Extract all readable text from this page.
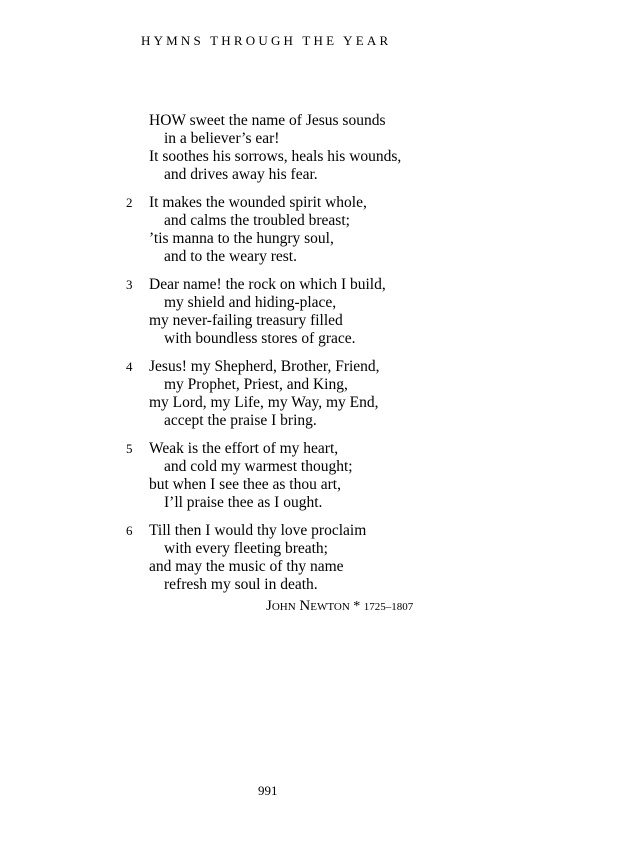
HYMNS THROUGH THE YEAR
HOW sweet the name of Jesus sounds
in a believer’s ear!
It soothes his sorrows, heals his wounds,
and drives away his fear.
2	It makes the wounded spirit whole,
and calms the troubled breast;
’tis manna to the hungry soul,
and to the weary rest.
3	Dear name! the rock on which I build,
my shield and hiding-place,
my never-failing treasury filled
with boundless stores of grace.
4	Jesus! my Shepherd, Brother, Friend,
my Prophet, Priest, and King,
my Lord, my Life, my Way, my End,
accept the praise I bring.
5	Weak is the effort of my heart,
and cold my warmest thought;
but when I see thee as thou art,
I’ll praise thee as I ought.
6	Till then I would thy love proclaim
with every fleeting breath;
and may the music of thy name
refresh my soul in death.
John Newton * 1725–1807
991
